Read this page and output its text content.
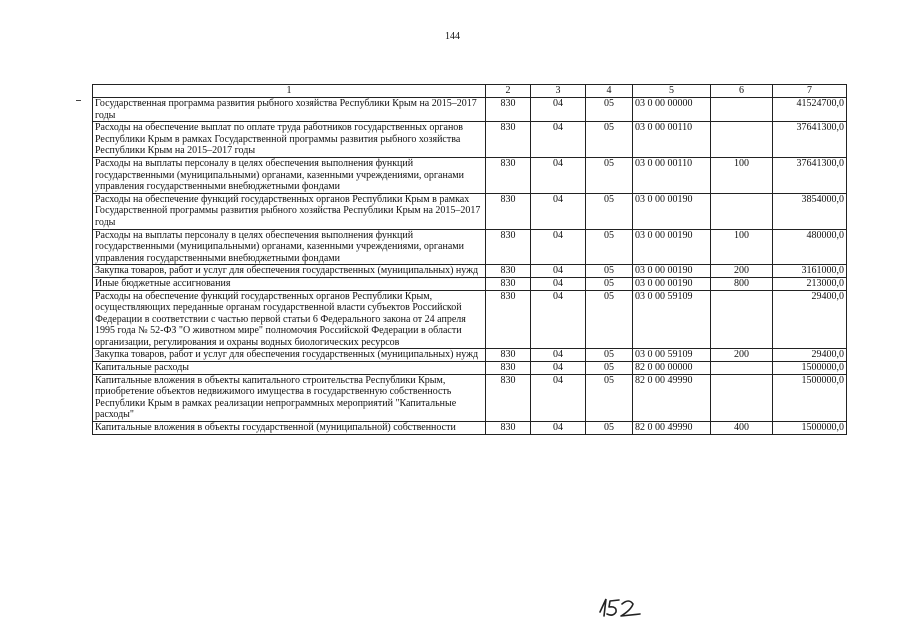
144
1	2	3	4	5	6	7
Государственная программа развития рыбного хозяйства Республики Крым на 2015–2017 годы	830	04	05	03 0 00 00000		41524700,0
Расходы на обеспечение выплат по оплате труда работников государственных органов Республики Крым в рамках Государственной программы развития рыбного хозяйства Республики Крым на 2015–2017 годы	830	04	05	03 0 00 00110		37641300,0
Расходы на выплаты персоналу в целях обеспечения выполнения функций государственными (муниципальными) органами, казенными учреждениями, органами управления государственными внебюджетными фондами	830	04	05	03 0 00 00110	100	37641300,0
Расходы на обеспечение функций государственных органов Республики Крым в рамках Государственной программы развития рыбного хозяйства Республики Крым на 2015–2017 годы	830	04	05	03 0 00 00190		3854000,0
Расходы на выплаты персоналу в целях обеспечения выполнения функций государственными (муниципальными) органами, казенными учреждениями, органами управления государственными внебюджетными фондами	830	04	05	03 0 00 00190	100	480000,0
Закупка товаров, работ и услуг для обеспечения государственных (муниципальных) нужд	830	04	05	03 0 00 00190	200	3161000,0
Иные бюджетные ассигнования	830	04	05	03 0 00 00190	800	213000,0
Расходы на обеспечение функций государственных органов Республики Крым, осуществляющих переданные органам государственной власти субъектов Российской Федерации в соответствии с частью первой статьи 6 Федерального закона от 24 апреля 1995 года № 52-ФЗ "О животном мире" полномочия Российской Федерации в области организации, регулирования и охраны водных биологических ресурсов	830	04	05	03 0 00 59109		29400,0
Закупка товаров, работ и услуг для обеспечения государственных (муниципальных) нужд	830	04	05	03 0 00 59109	200	29400,0
Капитальные расходы	830	04	05	82 0 00 00000		1500000,0
Капитальные вложения в объекты капитального строительства Республики Крым, приобретение объектов недвижимого имущества в государственную собственность Республики Крым в рамках реализации непрограммных мероприятий "Капитальные расходы"	830	04	05	82 0 00 49990		1500000,0
Капитальные вложения в объекты государственной (муниципальной) собственности	830	04	05	82 0 00 49990	400	1500000,0
